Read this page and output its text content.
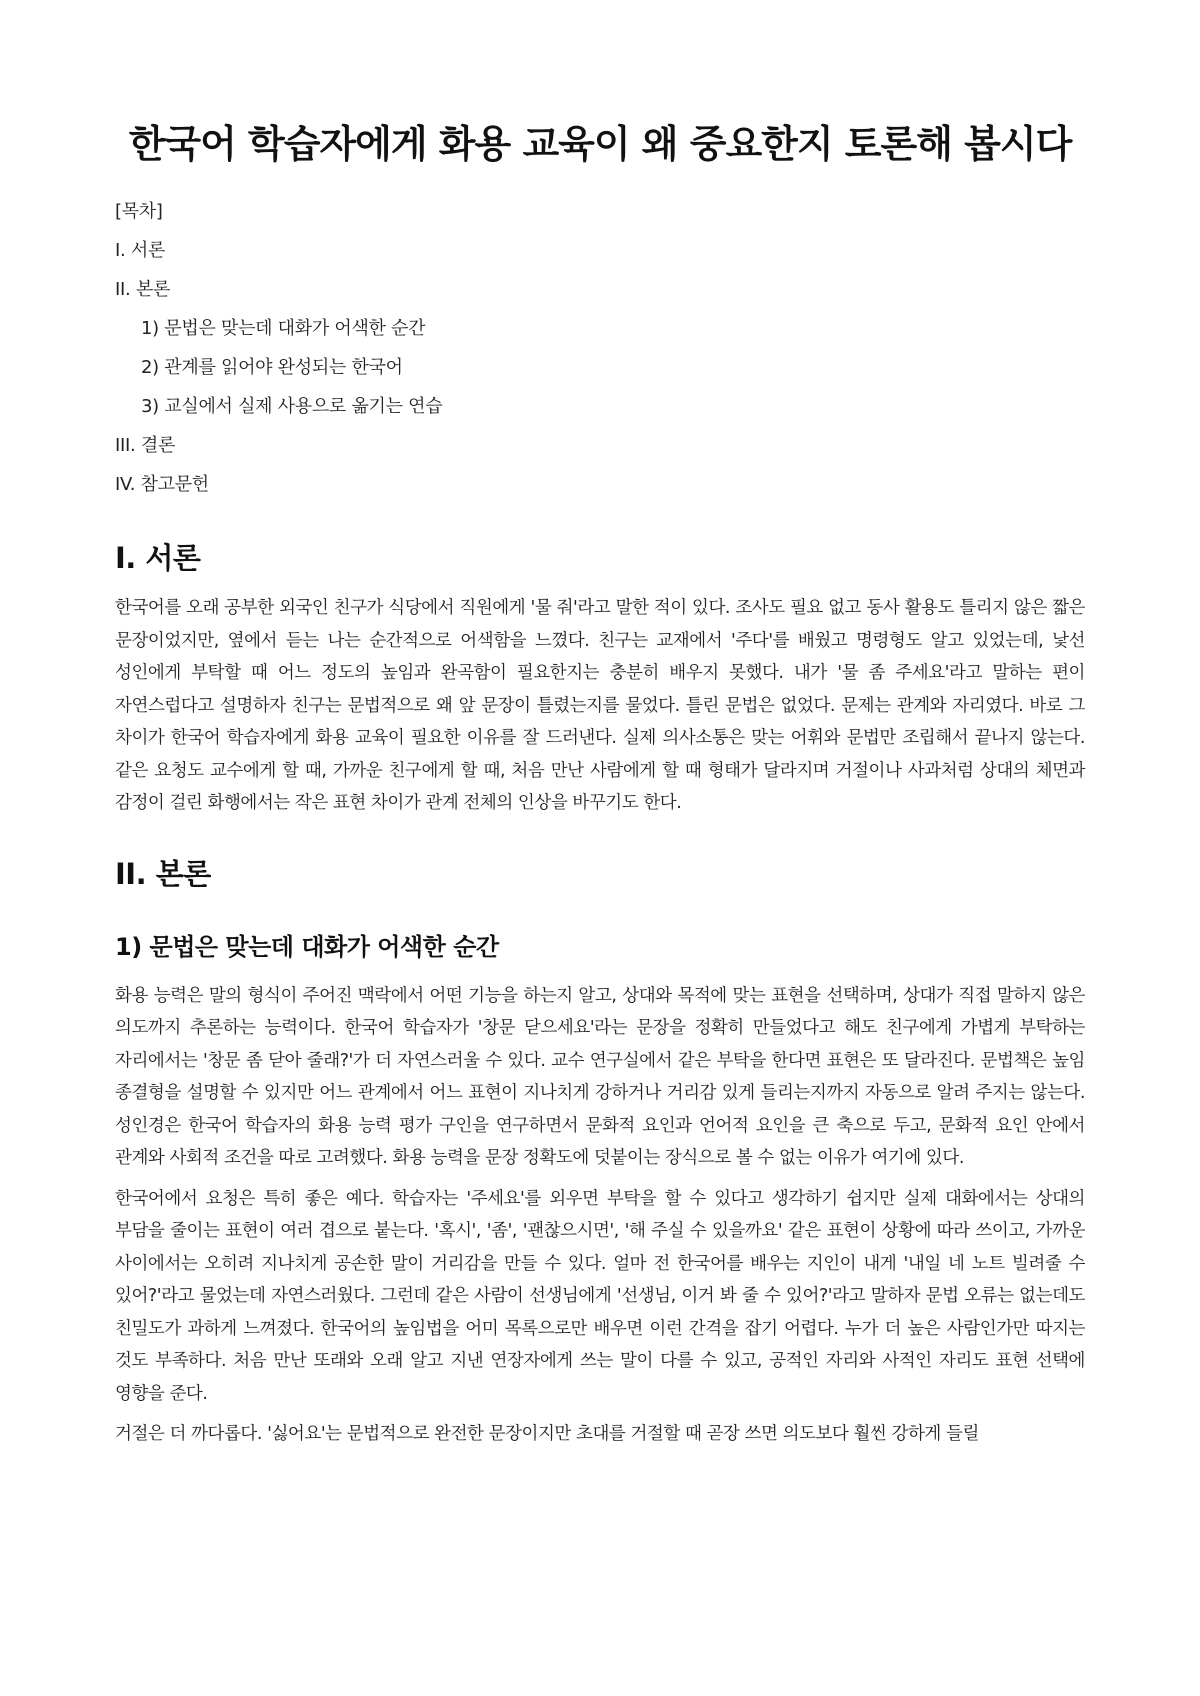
한국어 학습자에게 화용 교육이 왜 중요한지 토론해 봅시다
[목차]
I. 서론
II. 본론
1) 문법은 맞는데 대화가 어색한 순간
2) 관계를 읽어야 완성되는 한국어
3) 교실에서 실제 사용으로 옮기는 연습
III. 결론
IV. 참고문헌
I. 서론

한국어를 오래 공부한 외국인 친구가 식당에서 직원에게 '물 줘'라고 말한 적이 있다. 조사도 필요 없고 동사 활용도 틀리지 않은 짧은 문장이었지만, 옆에서 듣는 나는 순간적으로 어색함을 느꼈다. 친구는 교재에서 '주다'를 배웠고 명령형도 알고 있었는데, 낯선 성인에게 부탁할 때 어느 정도의 높임과 완곡함이 필요한지는 충분히 배우지 못했다. 내가 '물 좀 주세요'라고 말하는 편이 자연스럽다고 설명하자 친구는 문법적으로 왜 앞 문장이 틀렸는지를 물었다. 틀린 문법은 없었다. 문제는 관계와 자리였다. 바로 그 차이가 한국어 학습자에게 화용 교육이 필요한 이유를 잘 드러낸다. 실제 의사소통은 맞는 어휘와 문법만 조립해서 끝나지 않는다. 같은 요청도 교수에게 할 때, 가까운 친구에게 할 때, 처음 만난 사람에게 할 때 형태가 달라지며 거절이나 사과처럼 상대의 체면과 감정이 걸린 화행에서는 작은 표현 차이가 관계 전체의 인상을 바꾸기도 한다.

II. 본론
1) 문법은 맞는데 대화가 어색한 순간

화용 능력은 말의 형식이 주어진 맥락에서 어떤 기능을 하는지 알고, 상대와 목적에 맞는 표현을 선택하며, 상대가 직접 말하지 않은 의도까지 추론하는 능력이다. 한국어 학습자가 '창문 닫으세요'라는 문장을 정확히 만들었다고 해도 친구에게 가볍게 부탁하는 자리에서는 '창문 좀 닫아 줄래?'가 더 자연스러울 수 있다. 교수 연구실에서 같은 부탁을 한다면 표현은 또 달라진다. 문법책은 높임 종결형을 설명할 수 있지만 어느 관계에서 어느 표현이 지나치게 강하거나 거리감 있게 들리는지까지 자동으로 알려 주지는 않는다. 성인경은 한국어 학습자의 화용 능력 평가 구인을 연구하면서 문화적 요인과 언어적 요인을 큰 축으로 두고, 문화적 요인 안에서 관계와 사회적 조건을 따로 고려했다. 화용 능력을 문장 정확도에 덧붙이는 장식으로 볼 수 없는 이유가 여기에 있다.

한국어에서 요청은 특히 좋은 예다. 학습자는 '주세요'를 외우면 부탁을 할 수 있다고 생각하기 쉽지만 실제 대화에서는 상대의 부담을 줄이는 표현이 여러 겹으로 붙는다. '혹시', '좀', '괜찮으시면', '해 주실 수 있을까요' 같은 표현이 상황에 따라 쓰이고, 가까운 사이에서는 오히려 지나치게 공손한 말이 거리감을 만들 수 있다. 얼마 전 한국어를 배우는 지인이 내게 '내일 네 노트 빌려줄 수 있어?'라고 물었는데 자연스러웠다. 그런데 같은 사람이 선생님에게 '선생님, 이거 봐 줄 수 있어?'라고 말하자 문법 오류는 없는데도 친밀도가 과하게 느껴졌다. 한국어의 높임법을 어미 목록으로만 배우면 이런 간격을 잡기 어렵다. 누가 더 높은 사람인가만 따지는 것도 부족하다. 처음 만난 또래와 오래 알고 지낸 연장자에게 쓰는 말이 다를 수 있고, 공적인 자리와 사적인 자리도 표현 선택에 영향을 준다.

거절은 더 까다롭다. '싫어요'는 문법적으로 완전한 문장이지만 초대를 거절할 때 곧장 쓰면 의도보다 훨씬 강하게 들릴
